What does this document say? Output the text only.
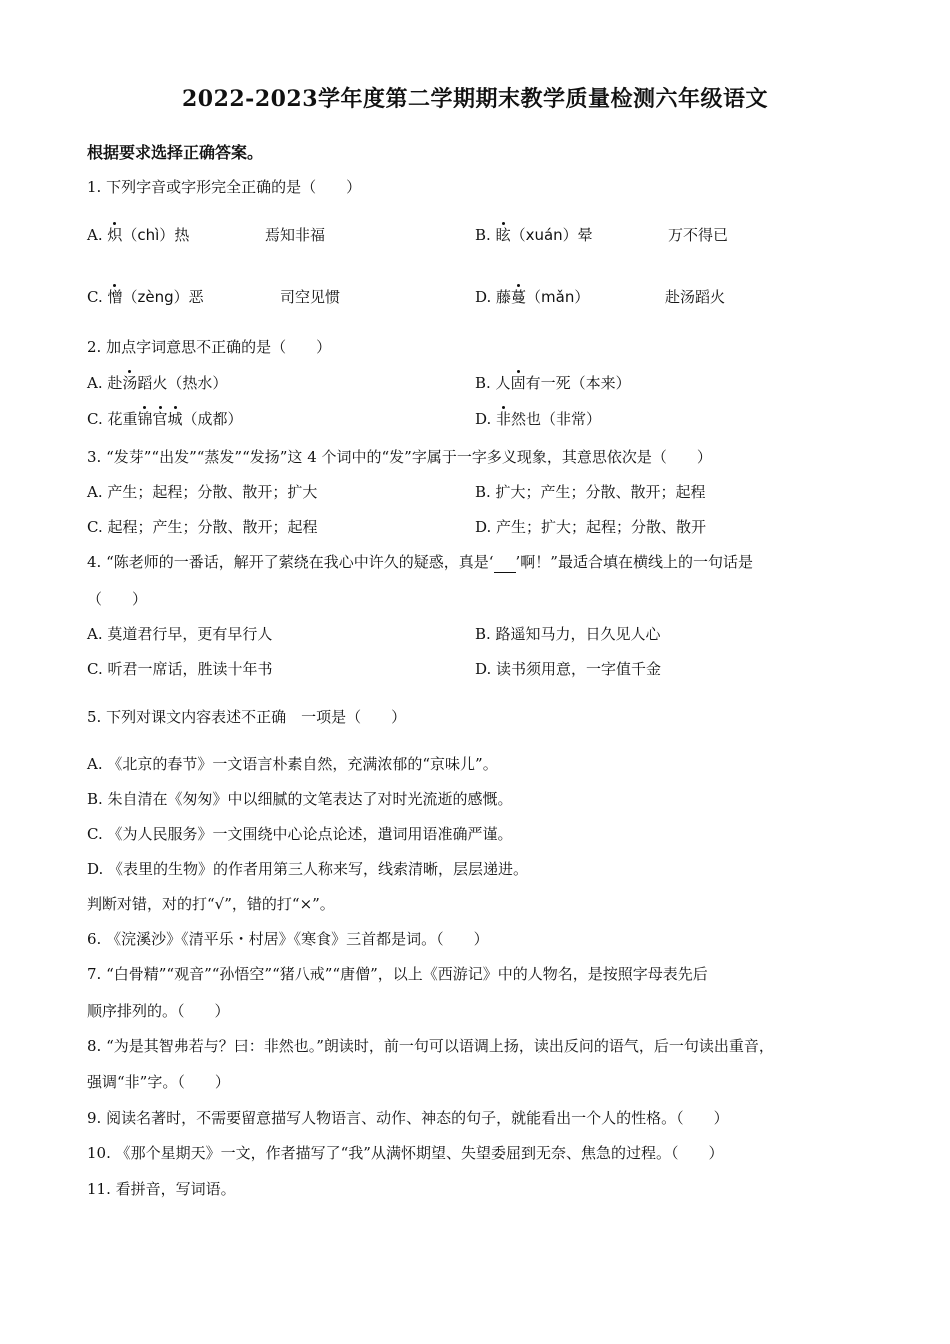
2022-2023学年度第二学期期末教学质量检测六年级语文
根据要求选择正确答案。
1. 下列字音或字形完全正确的是（　　）
A. 炽（chì）热	焉知非福	B. 眩（xuán）晕	万不得已
C. 憎（zèng）恶	司空见惯	D. 藤蔓（mǎn）	赴汤蹈火
2. 加点字词意思不正确的是（　　）
A. 赴汤蹈火（热水）	B. 人固有一死（本来）
C. 花重锦官城（成都）	D. 非然也（非常）
3. “发芽”“出发”“蒸发”“发扬”这 4 个词中的“发”字属于一字多义现象，其意思依次是（　　）
A. 产生；起程；分散、散开；扩大	B. 扩大；产生；分散、散开；起程
C. 起程；产生；分散、散开；起程	D. 产生；扩大；起程；分散、散开
4. “陈老师的一番话，解开了萦绕在我心中许久的疑惑，真是‘ ’啊！”最适合填在横线上的一句话是
（　　）
A. 莫道君行早，更有早行人	B. 路遥知马力，日久见人心
C. 听君一席话，胜读十年书	D. 读书须用意，一字值千金
5. 下列对课文内容表述不正确　一项是（　　）
A. 《北京的春节》一文语言朴素自然，充满浓郁的“京味儿”。
B. 朱自清在《匆匆》中以细腻的文笔表达了对时光流逝的感慨。
C. 《为人民服务》一文围绕中心论点论述，遣词用语准确严谨。
D. 《表里的生物》的作者用第三人称来写，线索清晰，层层递进。
判断对错，对的打“√”，错的打“×”。
6. 《浣溪沙》《清平乐・村居》《寒食》三首都是词。（　　）
7. “白骨精”“观音”“孙悟空”“猪八戒”“唐僧”，以上《西游记》中的人物名，是按照字母表先后
顺序排列的。（　　）
8. “为是其智弗若与？曰：非然也。”朗读时，前一句可以语调上扬，读出反问的语气，后一句读出重音，
强调“非”字。（　　）
9. 阅读名著时，不需要留意描写人物语言、动作、神态的句子，就能看出一个人的性格。（　　）
10. 《那个星期天》一文，作者描写了“我”从满怀期望、失望委屈到无奈、焦急的过程。（　　）
11. 看拼音，写词语。
